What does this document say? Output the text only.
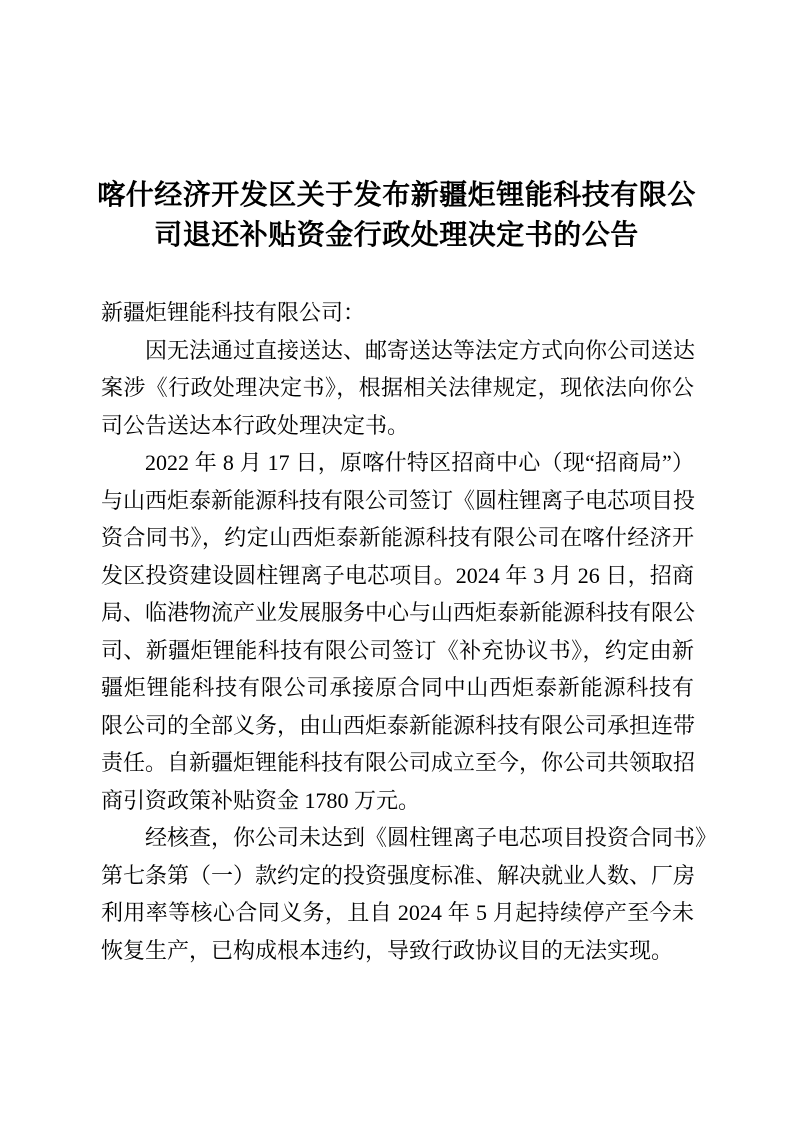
喀什经济开发区关于发布新疆炬锂能科技有限公
司退还补贴资金行政处理决定书的公告

新疆炬锂能科技有限公司：

因无法通过直接送达、邮寄送达等法定方式向你公司送达
案涉《行政处理决定书》，根据相关法律规定，现依法向你公
司公告送达本行政处理决定书。

2022 年 8 月 17 日，原喀什特区招商中心（现“招商局”）
与山西炬泰新能源科技有限公司签订《圆柱锂离子电芯项目投
资合同书》，约定山西炬泰新能源科技有限公司在喀什经济开
发区投资建设圆柱锂离子电芯项目。2024 年 3 月 26 日，招商
局、临港物流产业发展服务中心与山西炬泰新能源科技有限公
司、新疆炬锂能科技有限公司签订《补充协议书》，约定由新
疆炬锂能科技有限公司承接原合同中山西炬泰新能源科技有
限公司的全部义务，由山西炬泰新能源科技有限公司承担连带
责任。自新疆炬锂能科技有限公司成立至今，你公司共领取招
商引资政策补贴资金 1780 万元。

经核查，你公司未达到《圆柱锂离子电芯项目投资合同书》
第七条第（一）款约定的投资强度标准、解决就业人数、厂房
利用率等核心合同义务，且自 2024 年 5 月起持续停产至今未
恢复生产，已构成根本违约，导致行政协议目的无法实现。
